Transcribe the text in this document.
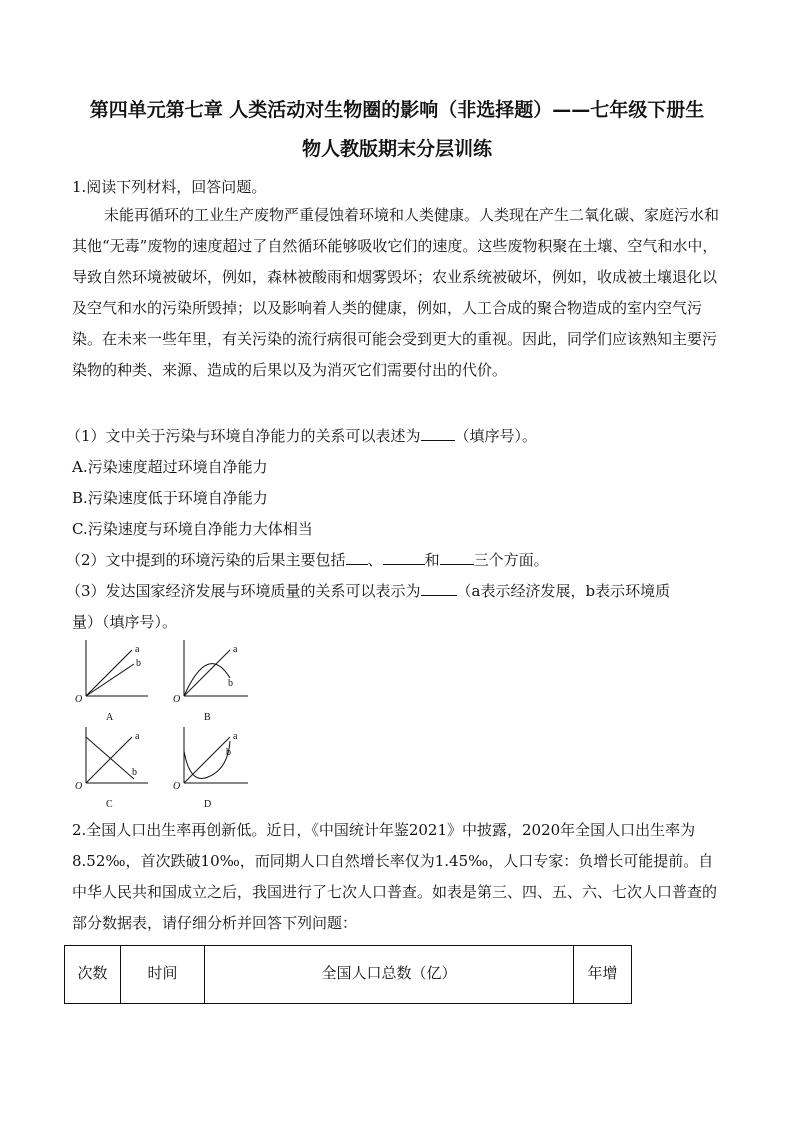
第四单元第七章 人类活动对生物圈的影响（非选择题）——七年级下册生
物人教版期末分层训练
1.阅读下列材料，回答问题。
未能再循环的工业生产废物严重侵蚀着环境和人类健康。人类现在产生二氧化碳、家庭污水和其他“无毒”废物的速度超过了自然循环能够吸收它们的速度。这些废物积聚在土壤、空气和水中，导致自然环境被破坏，例如，森林被酸雨和烟雾毁坏；农业系统被破坏，例如，收成被土壤退化以及空气和水的污染所毁掉；以及影响着人类的健康，例如，人工合成的聚合物造成的室内空气污染。在未来一些年里，有关污染的流行病很可能会受到更大的重视。因此，同学们应该熟知主要污染物的种类、来源、造成的后果以及为消灭它们需要付出的代价。
（1）文中关于污染与环境自净能力的关系可以表述为 （填序号）。
A.污染速度超过环境自净能力
B.污染速度低于环境自净能力
C.污染速度与环境自净能力大体相当
（2）文中提到的环境污染的后果主要包括 、	和 三个方面。
（3）发达国家经济发展与环境质量的关系可以表示为 （a表示经济发展，b表示环境质
量）（填序号）。
a
b
O
A
a
b
O
B
a
b
O
C
a
b
O
D
2.全国人口出生率再创新低。近日，《中国统计年鉴2021》中披露，2020年全国人口出生率为8.52‰，首次跌破10‰，而同期人口自然增长率仅为1.45‰，人口专家：负增长可能提前。自中华人民共和国成立之后，我国进行了七次人口普查。如表是第三、四、五、六、七次人口普查的部分数据表，请仔细分析并回答下列问题：
次数	时间	全国人口总数（亿）	年增
